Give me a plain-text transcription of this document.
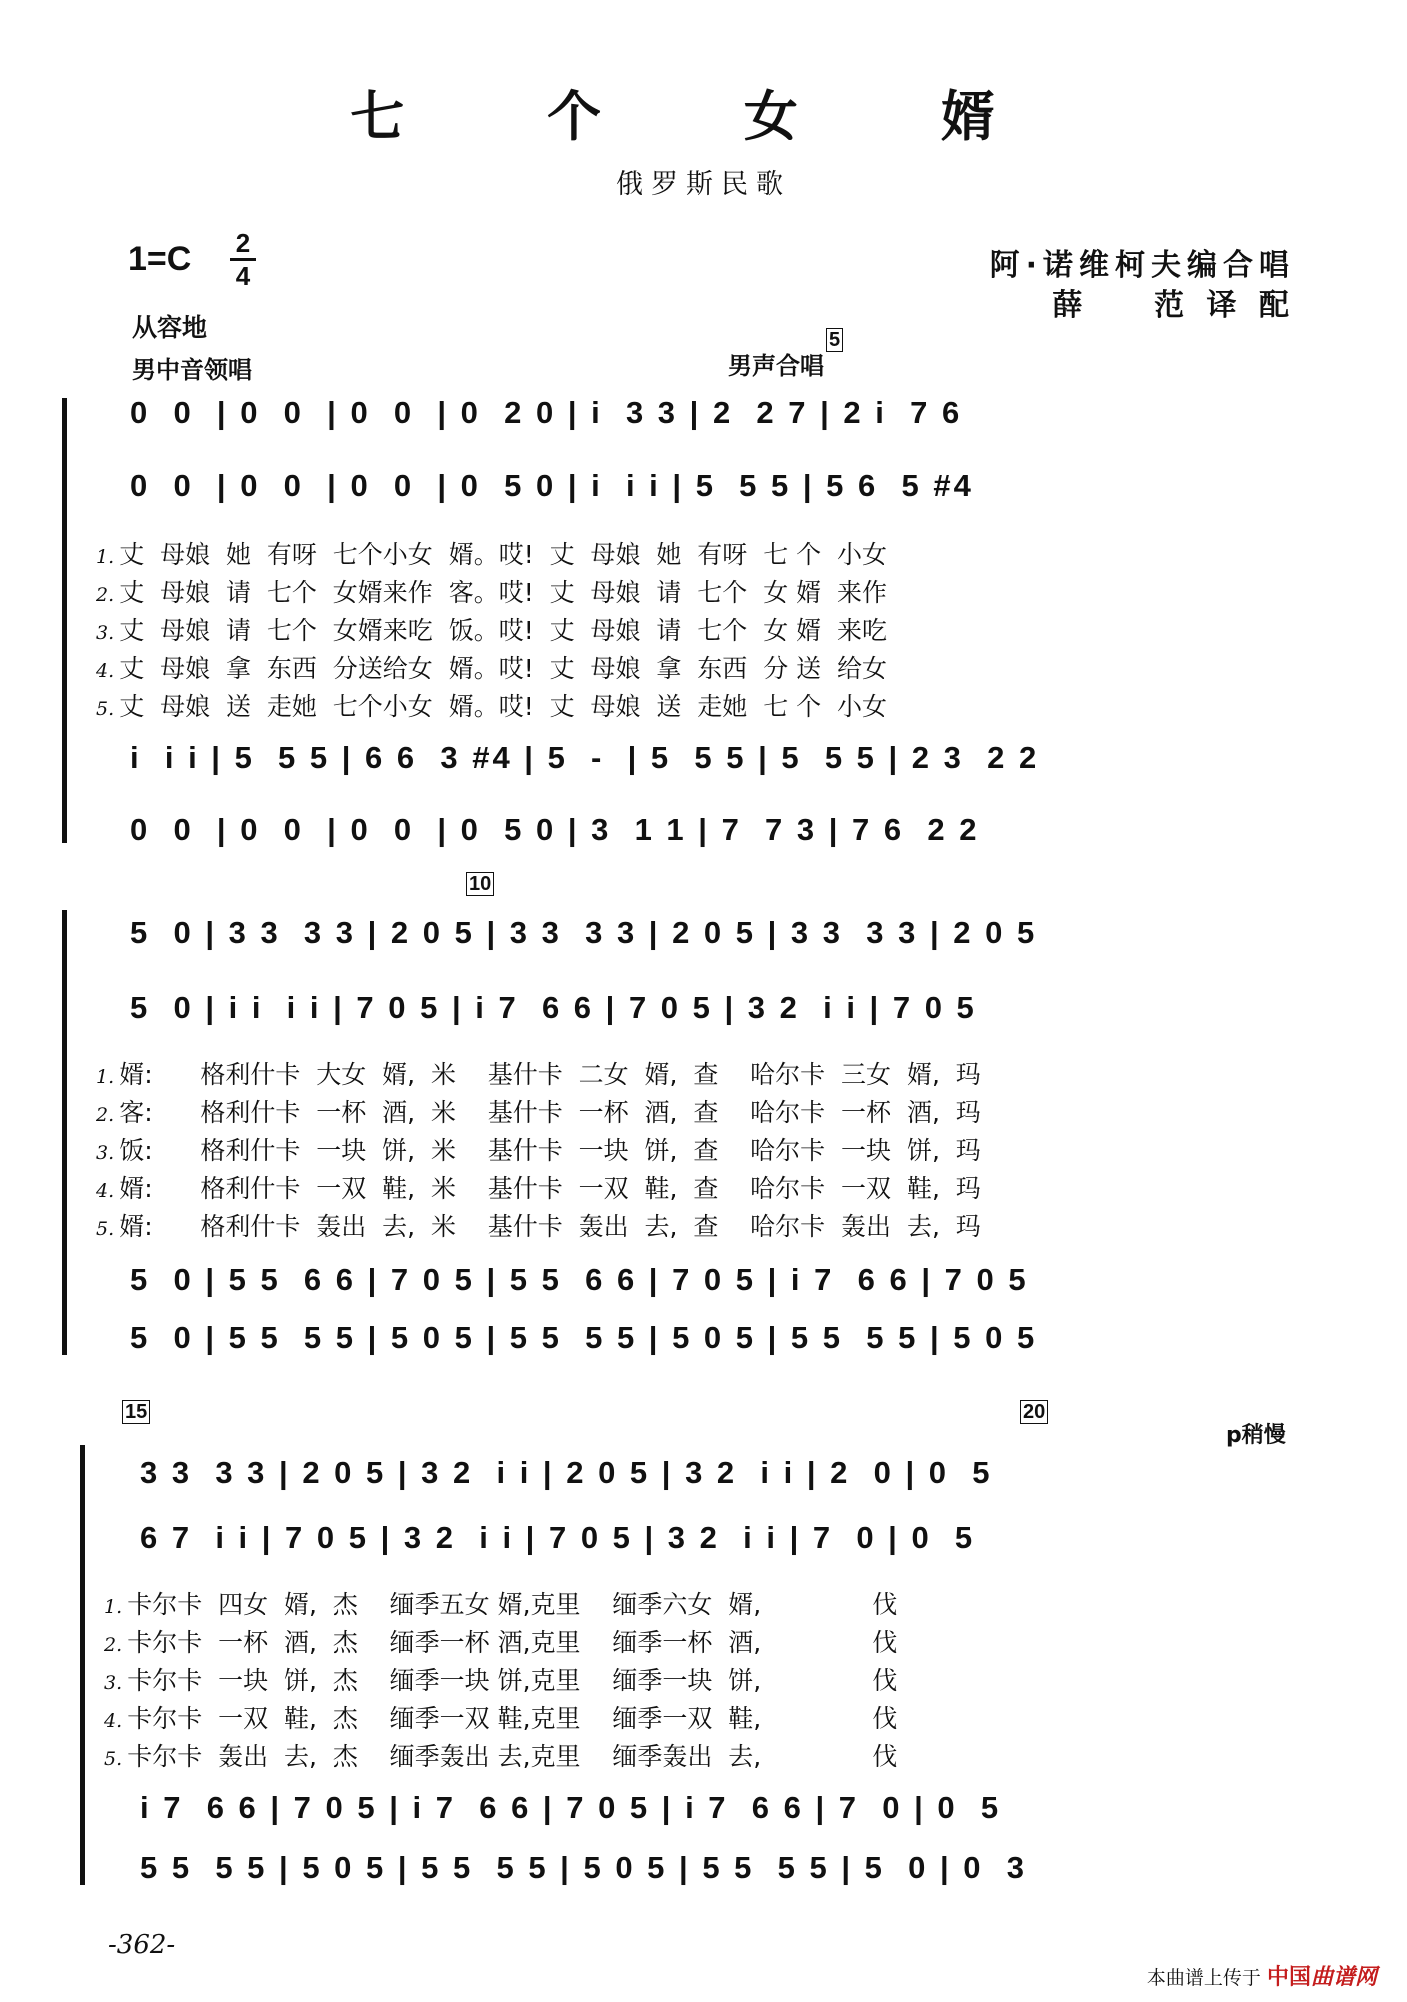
七 个 女 婿
俄罗斯民歌
1=C 2
4	阿·诺维柯夫编合唱
薛    范 译 配
从容地
男中音领唱	男声合唱
5
0  0  | 0  0  | 0  0  | 0  2 0 | i  3 3 | 2  2 7 | 2 i  7 6
0  0  | 0  0  | 0  0  | 0  5 0 | i  i i | 5  5 5 | 5 6  5 #4
1. 丈  母娘  她  有呀  七个小女  婿。哎!  丈  母娘  她  有呀  七 个  小女
2. 丈  母娘  请  七个  女婿来作  客。哎!  丈  母娘  请  七个  女 婿  来作
3. 丈  母娘  请  七个  女婿来吃  饭。哎!  丈  母娘  请  七个  女 婿  来吃
4. 丈  母娘  拿  东西  分送给女  婿。哎!  丈  母娘  拿  东西  分 送  给女
5. 丈  母娘  送  走她  七个小女  婿。哎!  丈  母娘  送  走她  七 个  小女
i  i i | 5  5 5 | 6 6  3 #4 | 5  -  | 5  5 5 | 5  5 5 | 2 3  2 2
0  0  | 0  0  | 0  0  | 0  5 0 | 3  1 1 | 7  7 3 | 7 6  2 2
10
5  0 | 3 3  3 3 | 2 0 5 | 3 3  3 3 | 2 0 5 | 3 3  3 3 | 2 0 5
5  0 | i i  i i | 7 0 5 | i 7  6 6 | 7 0 5 | 3 2  i i | 7 0 5
1. 婿:      格利什卡  大女  婿,  米    基什卡  二女  婿,  查    哈尔卡  三女  婿,  玛
2. 客:      格利什卡  一杯  酒,  米    基什卡  一杯  酒,  查    哈尔卡  一杯  酒,  玛
3. 饭:      格利什卡  一块  饼,  米    基什卡  一块  饼,  查    哈尔卡  一块  饼,  玛
4. 婿:      格利什卡  一双  鞋,  米    基什卡  一双  鞋,  查    哈尔卡  一双  鞋,  玛
5. 婿:      格利什卡  轰出  去,  米    基什卡  轰出  去,  查    哈尔卡  轰出  去,  玛
5  0 | 5 5  6 6 | 7 0 5 | 5 5  6 6 | 7 0 5 | i 7  6 6 | 7 0 5
5  0 | 5 5  5 5 | 5 0 5 | 5 5  5 5 | 5 0 5 | 5 5  5 5 | 5 0 5
15	20
p稍慢
3 3  3 3 | 2 0 5 | 3 2  i i | 2 0 5 | 3 2  i i | 2  0 | 0  5
6 7  i i | 7 0 5 | 3 2  i i | 7 0 5 | 3 2  i i | 7  0 | 0  5
1. 卡尔卡  四女  婿,  杰    缅季五女 婿,克里    缅季六女  婿,              伐
2. 卡尔卡  一杯  酒,  杰    缅季一杯 酒,克里    缅季一杯  酒,              伐
3. 卡尔卡  一块  饼,  杰    缅季一块 饼,克里    缅季一块  饼,              伐
4. 卡尔卡  一双  鞋,  杰    缅季一双 鞋,克里    缅季一双  鞋,              伐
5. 卡尔卡  轰出  去,  杰    缅季轰出 去,克里    缅季轰出  去,              伐
i 7  6 6 | 7 0 5 | i 7  6 6 | 7 0 5 | i 7  6 6 | 7  0 | 0  5
5 5  5 5 | 5 0 5 | 5 5  5 5 | 5 0 5 | 5 5  5 5 | 5  0 | 0  3
-362-
本曲谱上传于 中国曲谱网
